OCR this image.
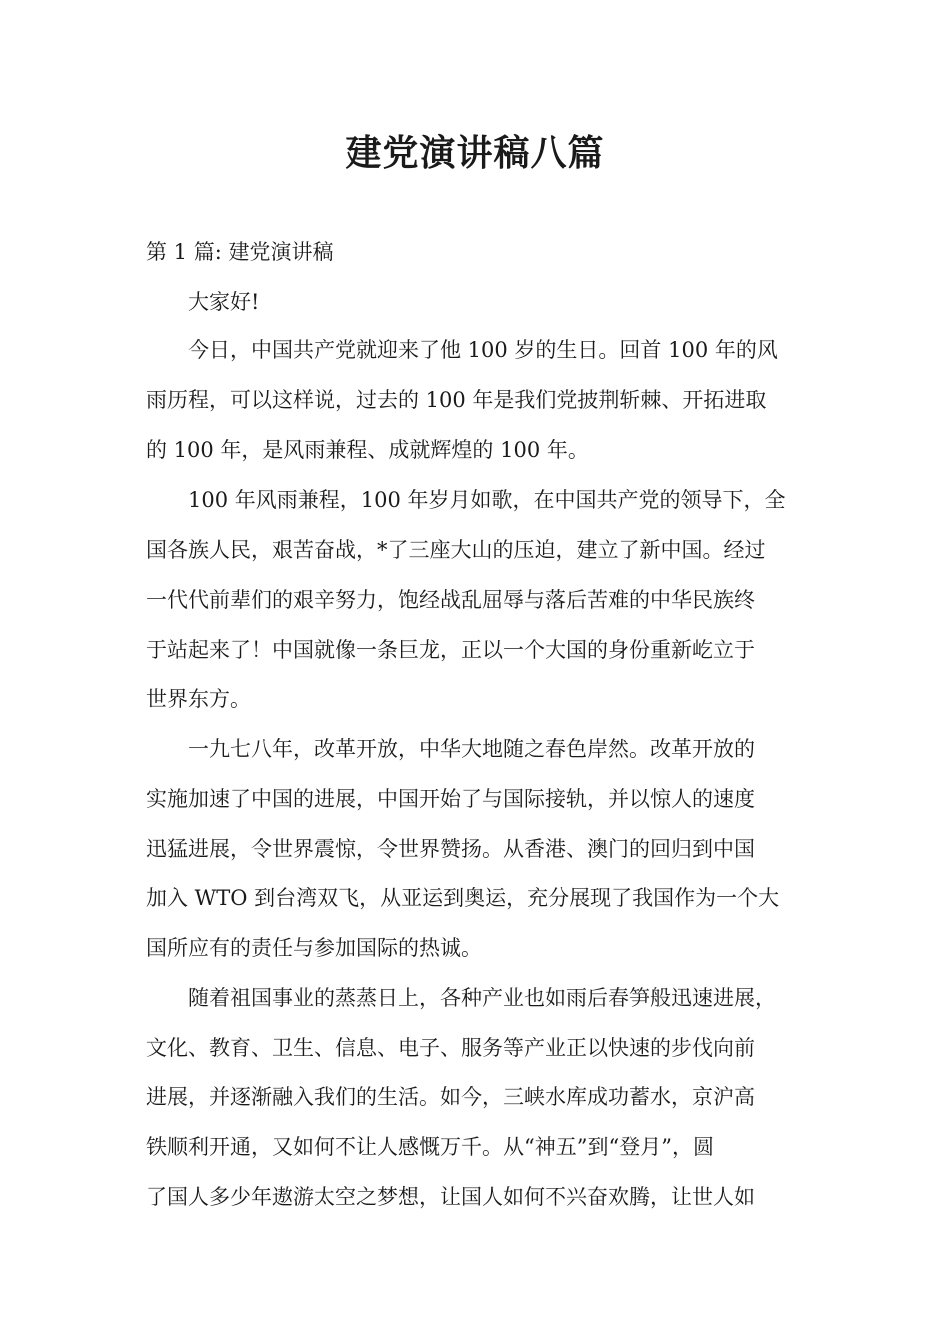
建党演讲稿八篇

第 1 篇: 建党演讲稿

大家好!

今日，中国共产党就迎来了他 100 岁的生日。回首 100 年的风

雨历程，可以这样说，过去的 100 年是我们党披荆斩棘、开拓进取

的 100 年，是风雨兼程、成就辉煌的 100 年。

100 年风雨兼程，100 年岁月如歌，在中国共产党的领导下，全

国各族人民，艰苦奋战，*了三座大山的压迫，建立了新中国。经过

一代代前辈们的艰辛努力，饱经战乱屈辱与落后苦难的中华民族终

于站起来了！中国就像一条巨龙，正以一个大国的身份重新屹立于

世界东方。

一九七八年，改革开放，中华大地随之春色岸然。改革开放的

实施加速了中国的进展，中国开始了与国际接轨，并以惊人的速度

迅猛进展，令世界震惊，令世界赞扬。从香港、澳门的回归到中国

加入 WTO 到台湾双飞，从亚运到奥运，充分展现了我国作为一个大

国所应有的责任与参加国际的热诚。

随着祖国事业的蒸蒸日上，各种产业也如雨后春笋般迅速进展，

文化、教育、卫生、信息、电子、服务等产业正以快速的步伐向前

进展，并逐渐融入我们的生活。如今，三峡水库成功蓄水，京沪高

铁顺利开通，又如何不让人感慨万千。从“神五”到“登月”，圆

了国人多少年遨游太空之梦想，让国人如何不兴奋欢腾，让世人如
